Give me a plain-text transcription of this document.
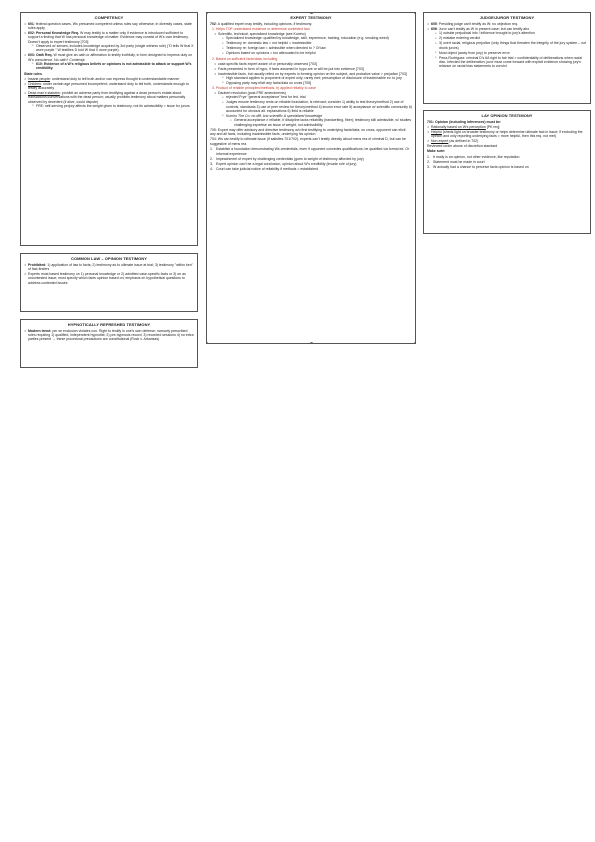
COMPETENCY
• 601: federal question cases, Ws presumed competent unless rules say otherwise; in diversity cases, state rules apply
• 602: Personal Knowledge Req. W may testify to a matter only if evidence is introduced sufficient to support a finding that W has personal knowledge of matter. Evidence may consist of W's own testimony. Doesn't apply to expert testimony [703]
▪ Observed w/ senses, includes knowledge acquired by 3rd party (single witness rule) ("D tells W that X wore purple." W testifies D told W that X wore purple).
• 603: Oath Req. W must give an oath or affirmation to testify truthfully, in form designed to impress duty on W's conscience. No oath? Contempt.
▪ 610: Evidence of a W's religious beliefs or opinions is not admissible to attack or support W's credibility.
State rules
• Insane people: understand duty to tell truth and/or can express thought in understandable manner
• Children: under certain age presumed incompetent; understand duty to tell truth, understands enough to testify accurately
• Dead man's statutes: prohibit an adverse party from testifying against a dead person's estate about transactions/conversations with the dead person; usually prohibits testimony about matters personally observed by decedent (if alive, could dispute)
▪ FRE: self-serving perjury affects the weight given to testimony, not its admissibility = issue for jurors
COMMON LAW – OPINION TESTIMONY
• Prohibited: 1) application of law to facts; 2) testimony as to ultimate issue at trial; 3) testimony "within ken" of fact-finders
• Experts must based testimony on 1) personal knowledge or 2) admitted case-specific facts or 3) on an uncontested issue; must specify which facts opinion based on; emphasis on hypothetical questions to address contested issues
HYPNOTICALLY REFRESHED TESTIMONY
• Modern trend: per se exclusion violates con. Right to testify in one's own defense; narrowly prescribed rules requiring 1) qualified, independent hypnotist; 2) pre-hypnosis record; 3) recorded sessions 4) no extra parties present → these procedural precautions are constitutional (Rock v. Arkansas)
EXPERT TESTIMONY

702: A qualified expert may testify, including opinions, if testimony:

1. Helps TOF understand evidence or determine contested fact

• Scientific, technical, specialized knowledge (see Kumho)
▪ Specialized knowledge: qualified by knowledge, skill, experience, training, education (e.g. smoking weed)
▪ Testimony re: domestic law = not helpful = inadmissible
▪ Testimony re: foreign law = admissible when directed to ? Of law
▪ Opinions based on opinions = too attenuated to be helpful

2. Based on sufficient facts/data, including

• case-specific facts expert aware of or personally observed [703]
• Facts presented in form of hypo, if facts assumed in hypo are or will be put into evidence [703]
• Inadmissible facts, but usually relied on by experts in forming opinion on the subject, and probative value > prejudice [703]
▪ High standard applies to proponent of expert only; rarely met; presumption of disclosure of inadmissible ev. to jury
▪ Opposing party may elicit any facts/data on cross [705]

3. Product of reliable principles/methods, b) applied reliably to case

• Daubert revolution (post-FRE amendments)
▪ rejected Frye "general acceptance" test for fed. trial
▪ Judges ensure testimony rests on reliable foundation, is relevant; consider 1) ability to test theory/method 2) use of controls, standards 3) use of peer review for theory/method 4) known error rate 5) acceptance w/ scientific community 6) accounted for obvious alt. explanations 6) field is reliable
▪ Kumho Tire Co: no diff. b/w scientific & specialized knowledge
▪ General acceptance ≠ reliable, if discipline lacks reliability (handwriting, fiber); testimony still admissible, w/ studies challenging expertise an issue of weight, not admissibility

705: Expert may offer advisory and directive testimony w/o first testifying to underlying facts/data; on cross, opponent can elicit any and all facts, including inadmissible facts, underlying his opinion

704: Ws can testify to ultimate issue (if satisfies 701/702), experts can't testify directly about mens rea of criminal D, but can be suggestive of mens rea

1. Establish a foundation demonstrating Ws credentials, even if opponent concedes qualifications; be qualified via formal ed. Or informal experience
2. Impeachment of expert by challenging credentials (goes to weight of testimony afforded by jury)
3. Expert opinion can't be a legal conclusion, opinion about W's credibility (invade role of jury)
4. Court can take judicial notice of reliability if methods = established
JUDGE/JUROR TESTIMONY
• 605: Presiding judge can't testify as W; no objection req.
• 606: Juror can't testify as W in present case; but can testify abo
▪ 1) outside prejudicial info / influence brought to jury's attention
▪ 2) mistake entering verdict
▪ 3) overt racial, religious prejudice (only things that threaten the integrity of the jury system – not drunk jurors)
▪ Must object (away from jury) to preserve error
▪ Pena-Rodriguez: criminal D's 6A right to fair trial > confidentiality of deliberations when racial disc. Infected the deliberation; juror must come forward with explicit evidence showing jury's reliance on racial bias statements to convict
LAY OPINION TESTIMONY

701: Opinion (including inferences) must be:

• Rationally based on W's perception [PK req]
• Helpful (sheds light on broader testimony or helps determine ultimate fact in issue; if excluding the opinion and only reporting underlying facts = more helpful, then this req. not met)
• Non-expert (as defined in 702)

Reviewed under abuse of discretion standard

Make sure:

1. It really is an opinion, not other evidence, like reputation
2. Statement must be made in court
3. W actually had a chance to perceive facts opinion is based on
